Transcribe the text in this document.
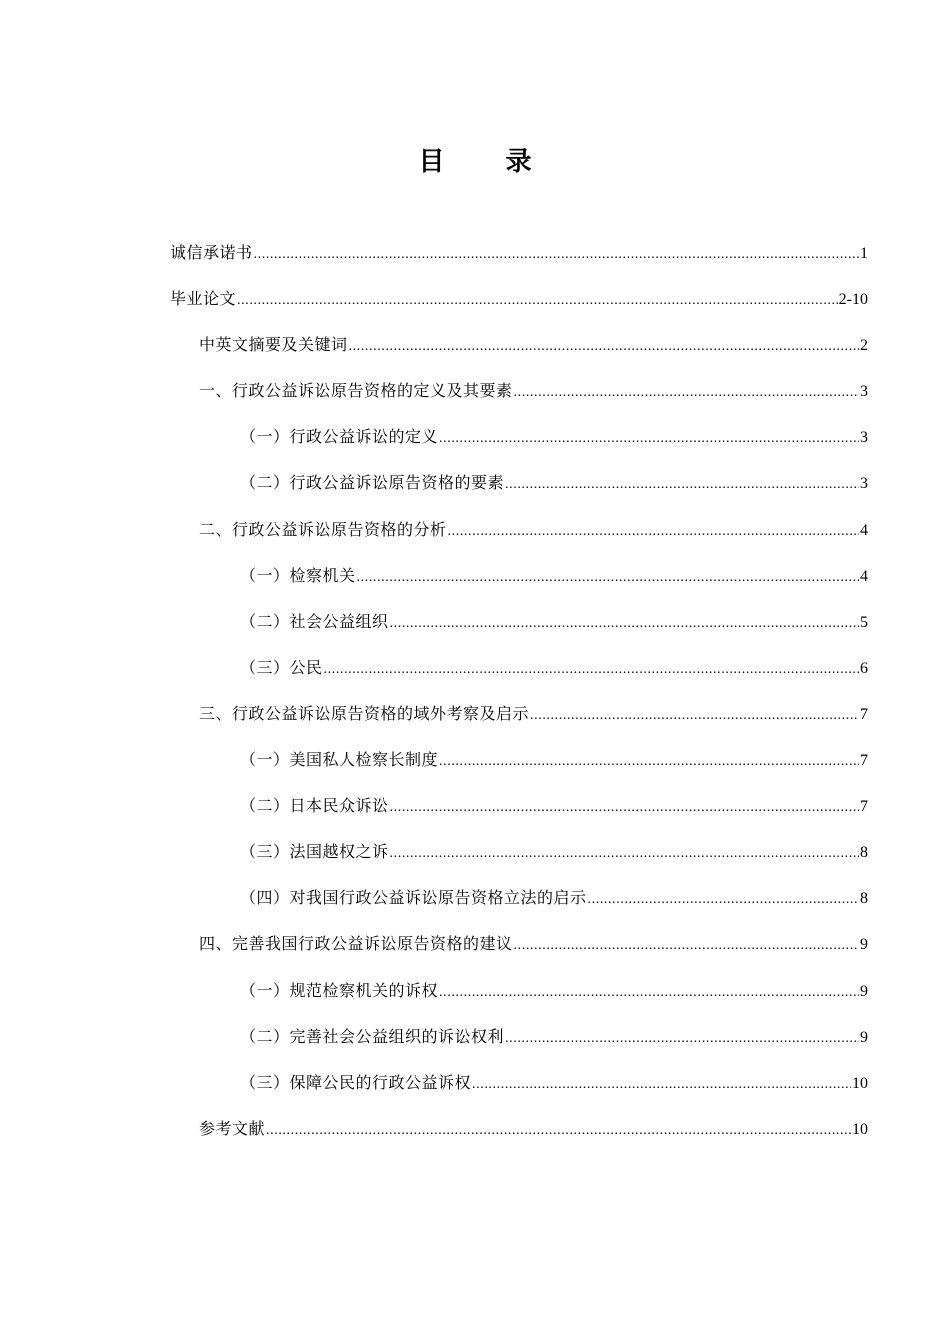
目 录
诚信承诺书 .....	1
毕业论文 .....	2-10
中英文摘要及关键词 .....	2
一、行政公益诉讼原告资格的定义及其要素 .....	3
（一）行政公益诉讼的定义 .....	3
（二）行政公益诉讼原告资格的要素 .....	3
二、行政公益诉讼原告资格的分析 .....	4
（一）检察机关 .....	4
（二）社会公益组织 .....	5
（三）公民 .....	6
三、行政公益诉讼原告资格的域外考察及启示 .....	7
（一）美国私人检察长制度 .....	7
（二）日本民众诉讼 .....	7
（三）法国越权之诉 .....	8
（四）对我国行政公益诉讼原告资格立法的启示 .....	8
四、完善我国行政公益诉讼原告资格的建议 .....	9
（一）规范检察机关的诉权 .....	9
（二）完善社会公益组织的诉讼权利 .....	9
（三）保障公民的行政公益诉权 .....	10
参考文献 .....	10
